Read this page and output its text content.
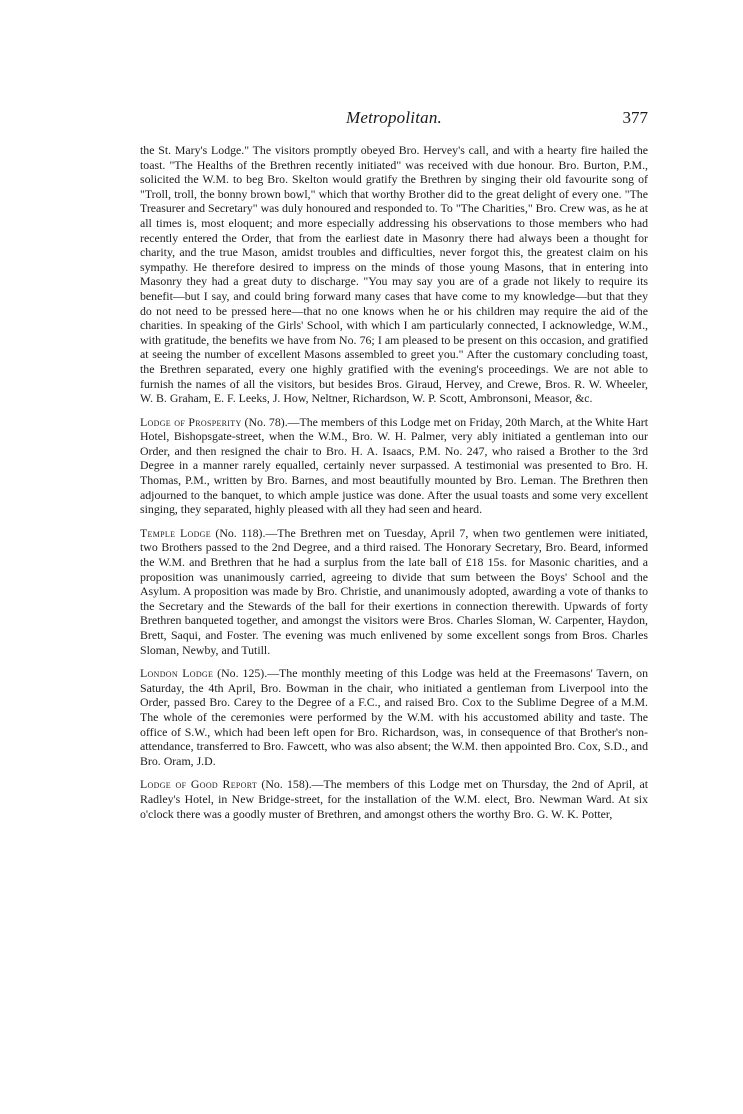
Metropolitan.	377

the St. Mary's Lodge." The visitors promptly obeyed Bro. Hervey's call, and with a hearty fire hailed the toast. "The Healths of the Brethren recently initiated" was received with due honour. Bro. Burton, P.M., solicited the W.M. to beg Bro. Skelton would gratify the Brethren by singing their old favourite song of "Troll, troll, the bonny brown bowl," which that worthy Brother did to the great delight of every one. "The Treasurer and Secretary" was duly honoured and responded to. To "The Charities," Bro. Crew was, as he at all times is, most eloquent; and more especially addressing his observations to those members who had recently entered the Order, that from the earliest date in Masonry there had always been a thought for charity, and the true Mason, amidst troubles and difficulties, never forgot this, the greatest claim on his sympathy. He therefore desired to impress on the minds of those young Masons, that in entering into Masonry they had a great duty to discharge. "You may say you are of a grade not likely to require its benefit—but I say, and could bring forward many cases that have come to my knowledge—but that they do not need to be pressed here—that no one knows when he or his children may require the aid of the charities. In speaking of the Girls' School, with which I am particularly connected, I acknowledge, W.M., with gratitude, the benefits we have from No. 76; I am pleased to be present on this occasion, and gratified at seeing the number of excellent Masons assembled to greet you." After the customary concluding toast, the Brethren separated, every one highly gratified with the evening's proceedings. We are not able to furnish the names of all the visitors, but besides Bros. Giraud, Hervey, and Crewe, Bros. R. W. Wheeler, W. B. Graham, E. F. Leeks, J. How, Neltner, Richardson, W. P. Scott, Ambronsoni, Measor, &c.

Lodge of Prosperity (No. 78).—The members of this Lodge met on Friday, 20th March, at the White Hart Hotel, Bishopsgate-street, when the W.M., Bro. W. H. Palmer, very ably initiated a gentleman into our Order, and then resigned the chair to Bro. H. A. Isaacs, P.M. No. 247, who raised a Brother to the 3rd Degree in a manner rarely equalled, certainly never surpassed. A testimonial was presented to Bro. H. Thomas, P.M., written by Bro. Barnes, and most beautifully mounted by Bro. Leman. The Brethren then adjourned to the banquet, to which ample justice was done. After the usual toasts and some very excellent singing, they separated, highly pleased with all they had seen and heard.

Temple Lodge (No. 118).—The Brethren met on Tuesday, April 7, when two gentlemen were initiated, two Brothers passed to the 2nd Degree, and a third raised. The Honorary Secretary, Bro. Beard, informed the W.M. and Brethren that he had a surplus from the late ball of £18 15s. for Masonic charities, and a proposition was unanimously carried, agreeing to divide that sum between the Boys' School and the Asylum. A proposition was made by Bro. Christie, and unanimously adopted, awarding a vote of thanks to the Secretary and the Stewards of the ball for their exertions in connection therewith. Upwards of forty Brethren banqueted together, and amongst the visitors were Bros. Charles Sloman, W. Carpenter, Haydon, Brett, Saqui, and Foster. The evening was much enlivened by some excellent songs from Bros. Charles Sloman, Newby, and Tutill.

London Lodge (No. 125).—The monthly meeting of this Lodge was held at the Freemasons' Tavern, on Saturday, the 4th April, Bro. Bowman in the chair, who initiated a gentleman from Liverpool into the Order, passed Bro. Carey to the Degree of a F.C., and raised Bro. Cox to the Sublime Degree of a M.M. The whole of the ceremonies were performed by the W.M. with his accustomed ability and taste. The office of S.W., which had been left open for Bro. Richardson, was, in consequence of that Brother's non-attendance, transferred to Bro. Fawcett, who was also absent; the W.M. then appointed Bro. Cox, S.D., and Bro. Oram, J.D.

Lodge of Good Report (No. 158).—The members of this Lodge met on Thursday, the 2nd of April, at Radley's Hotel, in New Bridge-street, for the installation of the W.M. elect, Bro. Newman Ward. At six o'clock there was a goodly muster of Brethren, and amongst others the worthy Bro. G. W. K. Potter,
